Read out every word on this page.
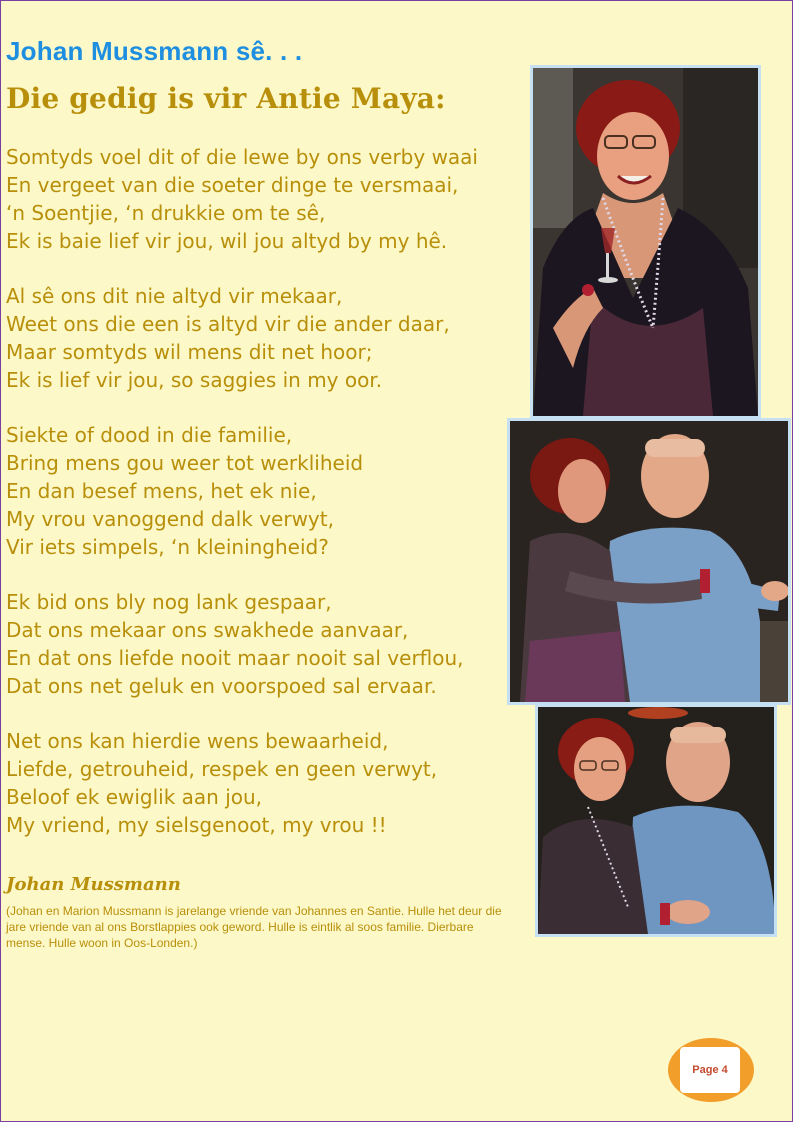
Johan Mussmann sê. . .
Die gedig is vir Antie Maya:
Somtyds voel dit of die lewe by ons verby waai
En vergeet van die soeter dinge te versmaai,
‘n Soentjie, ‘n drukkie om te sê,
Ek is baie lief vir jou, wil jou altyd by my hê.
Al sê ons dit nie altyd vir mekaar,
Weet ons die een is altyd vir die ander daar,
Maar somtyds wil mens dit net hoor;
Ek is lief vir jou, so saggies in my oor.
Siekte of dood in die familie,
Bring mens gou weer tot werkliheid
En dan besef mens, het ek nie,
My vrou vanoggend dalk verwyt,
Vir iets simpels, ‘n kleiningheid?
Ek bid ons bly nog lank gespaar,
Dat ons mekaar ons swakhede aanvaar,
En dat ons liefde nooit maar nooit sal verflou,
Dat ons net geluk en voorspoed sal ervaar.
Net ons kan hierdie wens bewaarheid,
Liefde, getrouheid, respek en geen verwyt,
Beloof ek ewiglik aan jou,
My vriend, my sielsgenoot, my vrou !!
Johan Mussmann
(Johan en Marion Mussmann is jarelange vriende van Johannes en Santie. Hulle het deur die jare vriende van al ons Borstlappies ook geword. Hulle is eintlik al soos familie. Dierbare mense. Hulle woon in Oos-Londen.)
Page 4
